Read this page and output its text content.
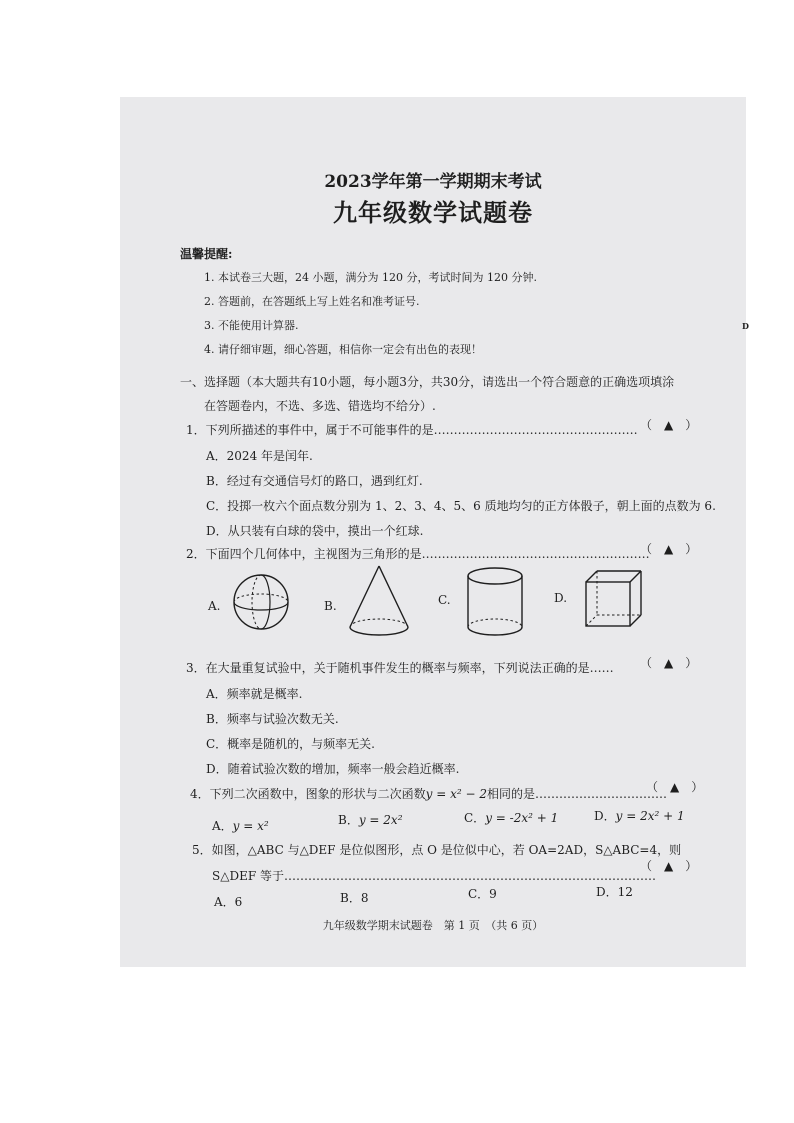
2023学年第一学期期末考试
九年级数学试题卷
温馨提醒:
1. 本试卷三大题，24 小题，满分为 120 分，考试时间为 120 分钟.
2. 答题前，在答题纸上写上姓名和准考证号.
3. 不能使用计算器.
4. 请仔细审题，细心答题，相信你一定会有出色的表现！
D
一、选择题（本大题共有10小题，每小题3分，共30分，请选出一个符合题意的正确选项填涂
在答题卷内，不选、多选、错选均不给分）.
1．下列所描述的事件中，属于不可能事件的是…………………………………………… （　▲　）
A．2024 年是闰年.
B．经过有交通信号灯的路口，遇到红灯.
C．投掷一枚六个面点数分别为 1、2、3、4、5、6 质地均匀的正方体骰子，朝上面的点数为 6.
D．从只装有白球的袋中，摸出一个红球.
2．下面四个几何体中，主视图为三角形的是…………………………………………………
（　▲　）
A.	B.	C.	D.
3．在大量重复试验中，关于随机事件发生的概率与频率，下列说法正确的是…… （　▲　）
A．频率就是概率.
B．频率与试验次数无关.
C．概率是随机的，与频率无关.
D．随着试验次数的增加，频率一般会趋近概率.
4．下列二次函数中，图象的形状与二次函数y = x² − 2相同的是……………………………
（　▲　）
A．y = x²	B．y = 2x²	C．y = -2x² + 1	D．y = 2x² + 1
5．如图，△ABC 与△DEF 是位似图形，点 O 是位似中心，若 OA=2AD，S△ABC=4，则
S△DEF 等于…………………………………………………………………………………
（　▲　）
A．6	B．8	C．9	D．12
九年级数学期末试题卷　第 1 页　（共 6 页）
